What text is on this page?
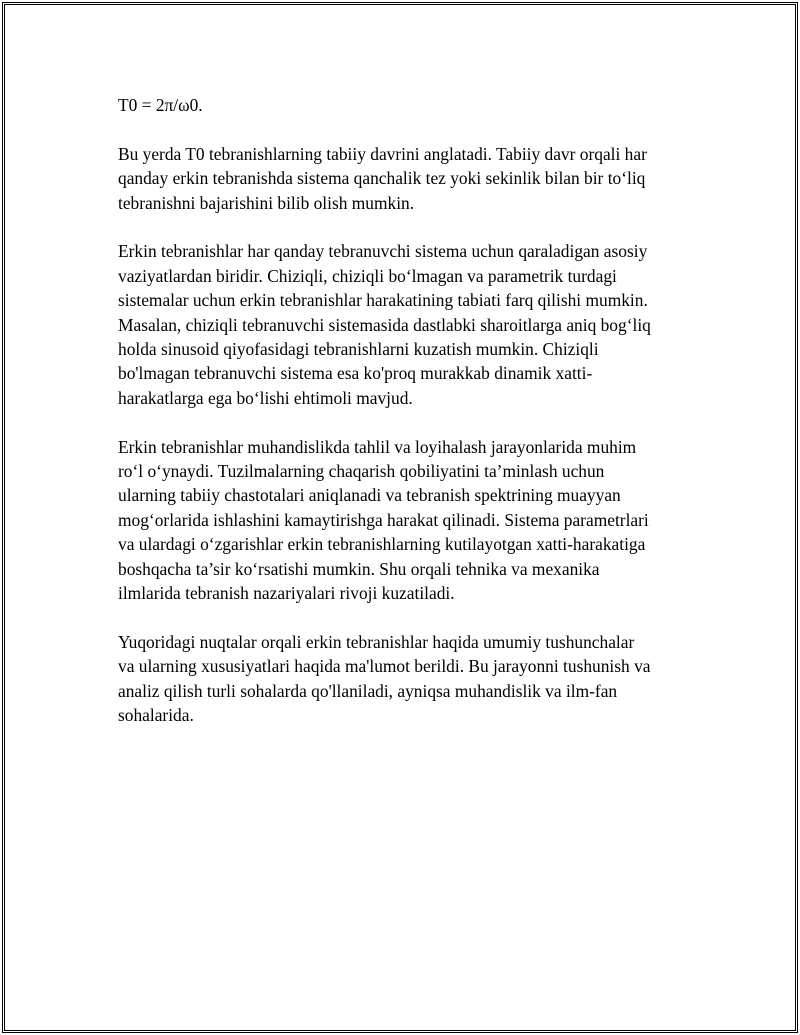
T0 = 2π/ω0.
Bu yerda T0 tebranishlarning tabiiy davrini anglatadi. Tabiiy davr orqali har
qanday erkin tebranishda sistema qanchalik tez yoki sekinlik bilan bir to‘liq
tebranishni bajarishini bilib olish mumkin.
Erkin tebranishlar har qanday tebranuvchi sistema uchun qaraladigan asosiy
vaziyatlardan biridir. Chiziqli, chiziqli bo‘lmagan va parametrik turdagi
sistemalar uchun erkin tebranishlar harakatining tabiati farq qilishi mumkin.
Masalan, chiziqli tebranuvchi sistemasida dastlabki sharoitlarga aniq bog‘liq
holda sinusoid qiyofasidagi tebranishlarni kuzatish mumkin. Chiziqli
bo'lmagan tebranuvchi sistema esa ko'proq murakkab dinamik xatti-
harakatlarga ega bo‘lishi ehtimoli mavjud.
Erkin tebranishlar muhandislikda tahlil va loyihalash jarayonlarida muhim
ro‘l o‘ynaydi. Tuzilmalarning chaqarish qobiliyatini ta’minlash uchun
ularning tabiiy chastotalari aniqlanadi va tebranish spektrining muayyan
mog‘orlarida ishlashini kamaytirishga harakat qilinadi. Sistema parametrlari
va ulardagi o‘zgarishlar erkin tebranishlarning kutilayotgan xatti-harakatiga
boshqacha ta’sir ko‘rsatishi mumkin. Shu orqali tehnika va mexanika
ilmlarida tebranish nazariyalari rivoji kuzatiladi.
Yuqoridagi nuqtalar orqali erkin tebranishlar haqida umumiy tushunchalar
va ularning xususiyatlari haqida ma'lumot berildi. Bu jarayonni tushunish va
analiz qilish turli sohalarda qo'llaniladi, ayniqsa muhandislik va ilm-fan
sohalarida.
